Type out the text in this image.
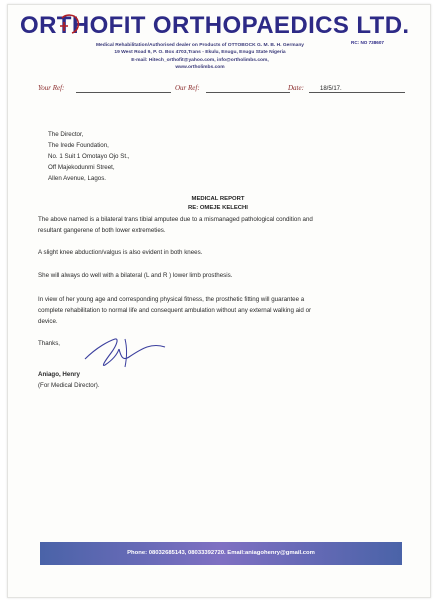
ORTHOFIT ORTHOPAEDICS LTD.
RC: NO 738607
Medical Rehabilitation/Authorised dealer on Products of OTTOBOCK G. M. B. H. Germany
19 West Road 9, P. O. Box 4703,Trans - Ekulu, Enugu, Enugu State Nigeria
E-mail: Hitech_orthofit@yahoo.com, info@ortholimbs.com,
www.ortholimbs.com
Your Ref:	Our Ref:	Date:	18/5/17.
The Director,
The Irede Foundation,
No. 1 Suit 1 Omotayo Ojo St.,
Off Majekodunmi Street,
Allen Avenue, Lagos.
MEDICAL REPORT
RE: OMEJE KELECHI
The above named is a bilateral trans tibial amputee due to a mismanaged pathological condition and
resultant gangerene of both lower extremeties.
A slight knee abduction/valgus is also evident in both knees.
She will always do well with a bilateral (L and R ) lower limb prosthesis.
In view of her young age and corresponding physical fitness, the prosthetic fitting will guarantee a
complete rehabilitation to normal life and consequent ambulation without any external walking aid or
device.
Thanks,
Aniago, Henry
(For Medical Director).
Phone: 08032685143, 08033392720. Email:aniagohenry@gmail.com
